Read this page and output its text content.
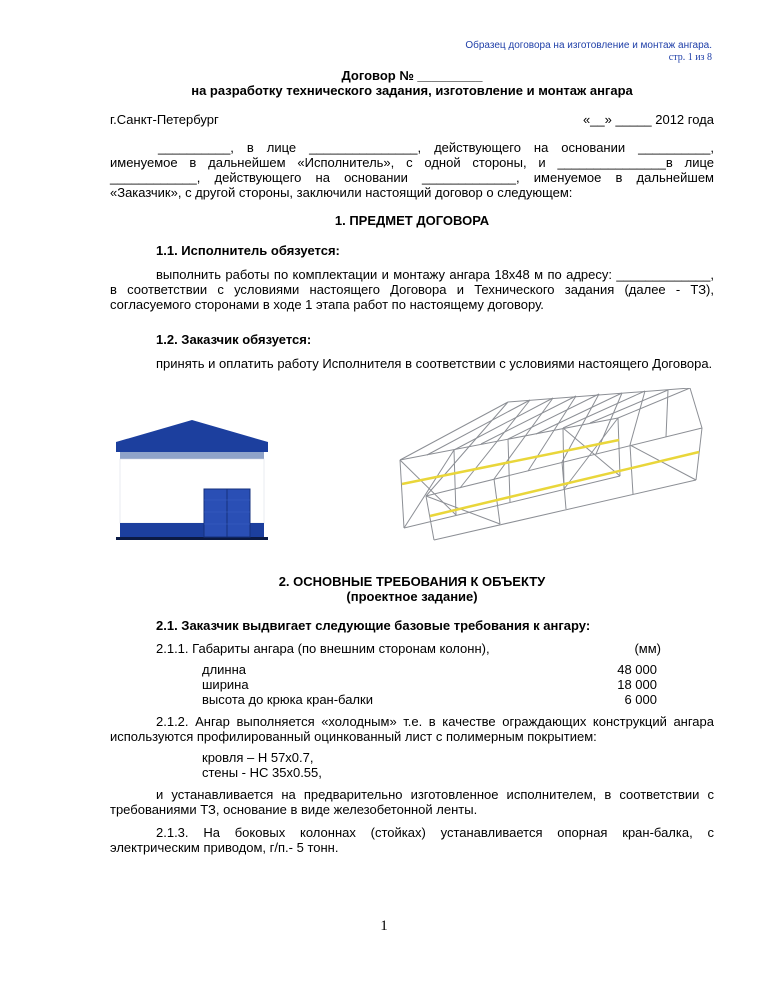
Образец договора на изготовление и монтаж ангара.
стр. 1 из 8
Договор № _________
на разработку технического задания, изготовление и монтаж ангара
г.Санкт-Петербург	«__» _____ 2012 года
__________, в лице _______________, действующего на основании __________, именуемое в дальнейшем «Исполнитель», с одной стороны, и _______________в лице ____________, действующего на основании _____________, именуемое в дальнейшем «Заказчик», с другой стороны, заключили настоящий договор о следующем:
1. ПРЕДМЕТ ДОГОВОРА
1.1. Исполнитель обязуется:
выполнить работы по комплектации и монтажу ангара 18х48 м по адресу: _____________, в соответствии с условиями настоящего Договора и Технического задания (далее - ТЗ), согласуемого сторонами в ходе 1 этапа работ по настоящему договору.
1.2. Заказчик обязуется:
принять и оплатить работу Исполнителя в соответствии с условиями настоящего Договора.
2. ОСНОВНЫЕ ТРЕБОВАНИЯ К ОБЪЕКТУ
(проектное задание)
2.1. Заказчик выдвигает следующие базовые требования к ангару:
2.1.1. Габариты ангара (по внешним сторонам колонн),	(мм)
длинна	48 000
ширина	18 000
высота до крюка кран-балки	6 000
2.1.2. Ангар выполняется «холодным» т.е. в качестве ограждающих конструкций ангара используются профилированный оцинкованный лист с полимерным покрытием:
кровля – Н 57х0.7,
стены - НС 35х0.55,
и устанавливается на предварительно изготовленное исполнителем, в соответствии с требованиями ТЗ, основание в виде железобетонной ленты.
2.1.3. На боковых колоннах (стойках) устанавливается опорная кран-балка, с электрическим приводом, г/п.- 5 тонн.
1
